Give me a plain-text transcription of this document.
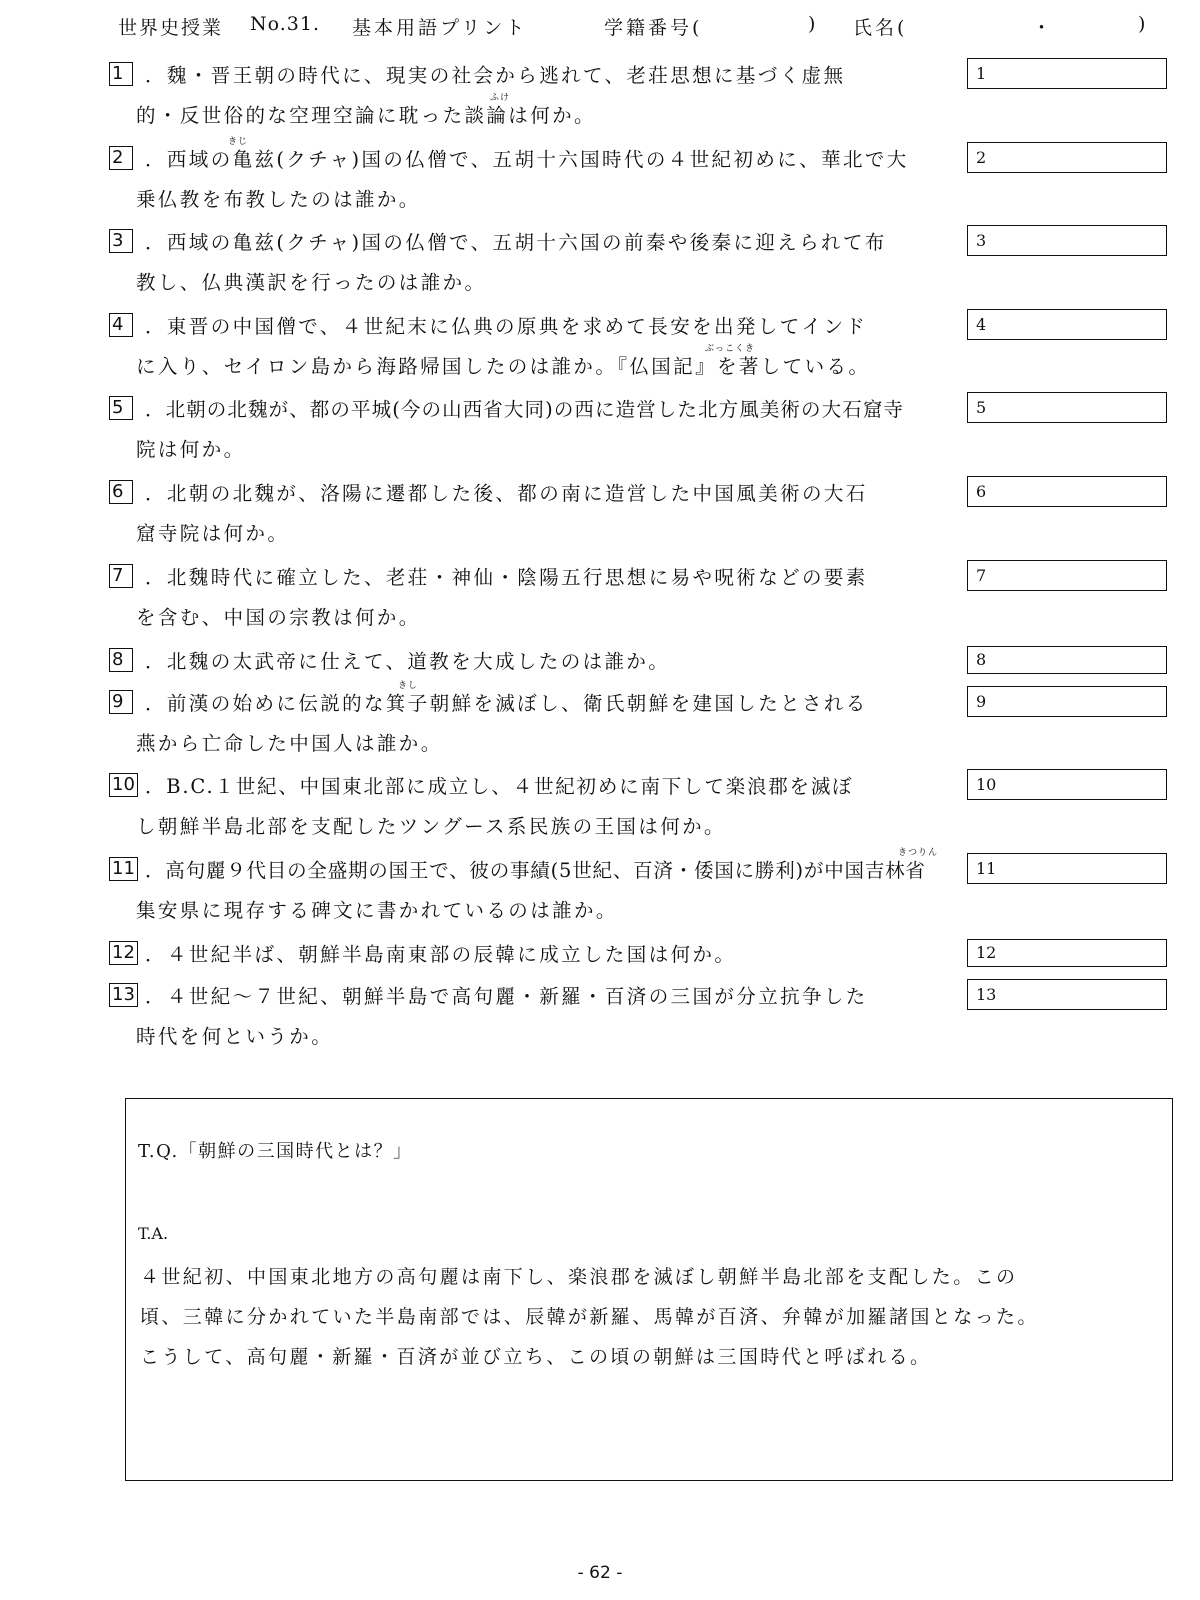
世界史授業 No.31. 基本用語プリント	学籍番号(	) 氏名(	・	)
1	．魏・晋王朝の時代に、現実の社会から逃れて、老荘思想に基づく虚無
ふけ
的・反世俗的な空理空論に耽った談論は何か。
1
2
きじ
．西域の亀兹(クチャ)国の仏僧で、五胡十六国時代の４世紀初めに、華北で大
乗仏教を布教したのは誰か。
2
3	．西域の亀兹(クチャ)国の仏僧で、五胡十六国の前秦や後秦に迎えられて布
教し、仏典漢訳を行ったのは誰か。
3
4	．東晋の中国僧で、４世紀末に仏典の原典を求めて長安を出発してインド
ぶっこくき
に入り、セイロン島から海路帰国したのは誰か。『仏国記』を著している。
4
5	．北朝の北魏が、都の平城(今の山西省大同)の西に造営した北方風美術の大石窟寺
院は何か。
5
6	．北朝の北魏が、洛陽に遷都した後、都の南に造営した中国風美術の大石
窟寺院は何か。
6
7	．北魏時代に確立した、老荘・神仙・陰陽五行思想に易や呪術などの要素
を含む、中国の宗教は何か。
7
8	．北魏の太武帝に仕えて、道教を大成したのは誰か。	8
9
きし
．前漢の始めに伝説的な箕子朝鮮を滅ぼし、衛氏朝鮮を建国したとされる
燕から亡命した中国人は誰か。
9
10 ．B.C.１世紀、中国東北部に成立し、４世紀初めに南下して楽浪郡を滅ぼ
し朝鮮半島北部を支配したツングース系民族の王国は何か。
10
11
きつりん
．高句麗９代目の全盛期の国王で、彼の事績(5世紀、百済・倭国に勝利)が中国吉林省
集安県に現存する碑文に書かれているのは誰か。
11
12 ．４世紀半ば、朝鮮半島南東部の辰韓に成立した国は何か。	12
13 ．４世紀～７世紀、朝鮮半島で高句麗・新羅・百済の三国が分立抗争した
時代を何というか。
13
T.Q.「朝鮮の三国時代とは？」
T.A.
４世紀初、中国東北地方の高句麗は南下し、楽浪郡を滅ぼし朝鮮半島北部を支配した。この
頃、三韓に分かれていた半島南部では、辰韓が新羅、馬韓が百済、弁韓が加羅諸国となった。
こうして、高句麗・新羅・百済が並び立ち、この頃の朝鮮は三国時代と呼ばれる。
- 62 -
